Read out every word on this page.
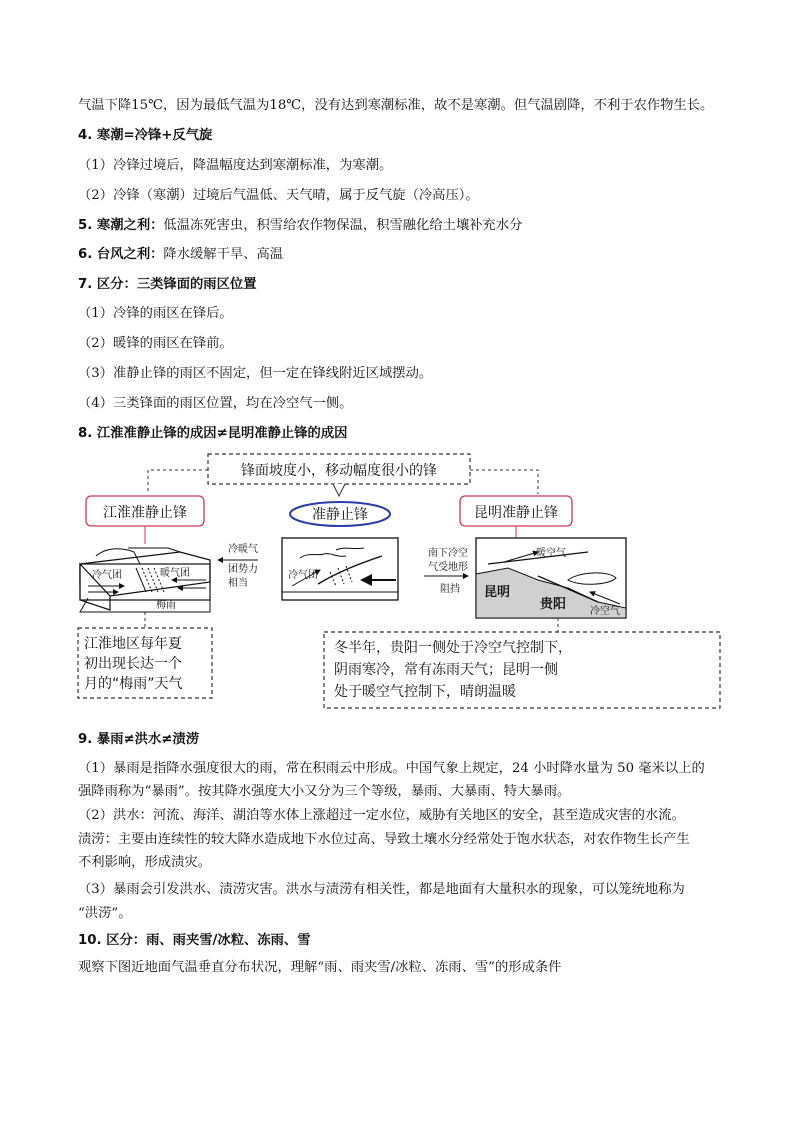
气温下降15℃，因为最低气温为18℃，没有达到寒潮标准，故不是寒潮。但气温剧降，不利于农作物生长。
4. 寒潮=冷锋+反气旋
（1）冷锋过境后，降温幅度达到寒潮标准，为寒潮。
（2）冷锋（寒潮）过境后气温低、天气晴，属于反气旋（冷高压）。
5. 寒潮之利：低温冻死害虫，积雪给农作物保温，积雪融化给土壤补充水分
6. 台风之利：降水缓解干旱、高温
7. 区分：三类锋面的雨区位置
（1）冷锋的雨区在锋后。
（2）暖锋的雨区在锋前。
（3）准静止锋的雨区不固定，但一定在锋线附近区域摆动。
（4）三类锋面的雨区位置，均在冷空气一侧。
8. 江淮准静止锋的成因≠昆明准静止锋的成因
锋面坡度小，移动幅度很小的锋
江淮准静止锋	准静止锋	昆明准静止锋
冷气团	暖气团
梅雨
冷暖气
团势力
相当
冷气团
南下冷空
气受地形
阻挡
暖空气
昆明
贵阳 冷空气
江淮地区每年夏
初出现长达一个
月的“梅雨”天气
冬半年，贵阳一侧处于冷空气控制下，
阴雨寒冷，常有冻雨天气；昆明一侧
处于暖空气控制下，晴朗温暖
9. 暴雨≠洪水≠渍涝
（1）暴雨是指降水强度很大的雨，常在积雨云中形成。中国气象上规定，24 小时降水量为 50 毫米以上的
强降雨称为“暴雨”。按其降水强度大小又分为三个等级，暴雨、大暴雨、特大暴雨。
（2）洪水：河流、海洋、湖泊等水体上涨超过一定水位，威胁有关地区的安全，甚至造成灾害的水流。
渍涝：主要由连续性的较大降水造成地下水位过高、导致土壤水分经常处于饱水状态，对农作物生长产生
不利影响，形成渍灾。
（3）暴雨会引发洪水、渍涝灾害。洪水与渍涝有相关性，都是地面有大量积水的现象，可以笼统地称为
“洪涝”。
10. 区分：雨、雨夹雪/冰粒、冻雨、雪
观察下图近地面气温垂直分布状况，理解“雨、雨夹雪/冰粒、冻雨、雪”的形成条件
